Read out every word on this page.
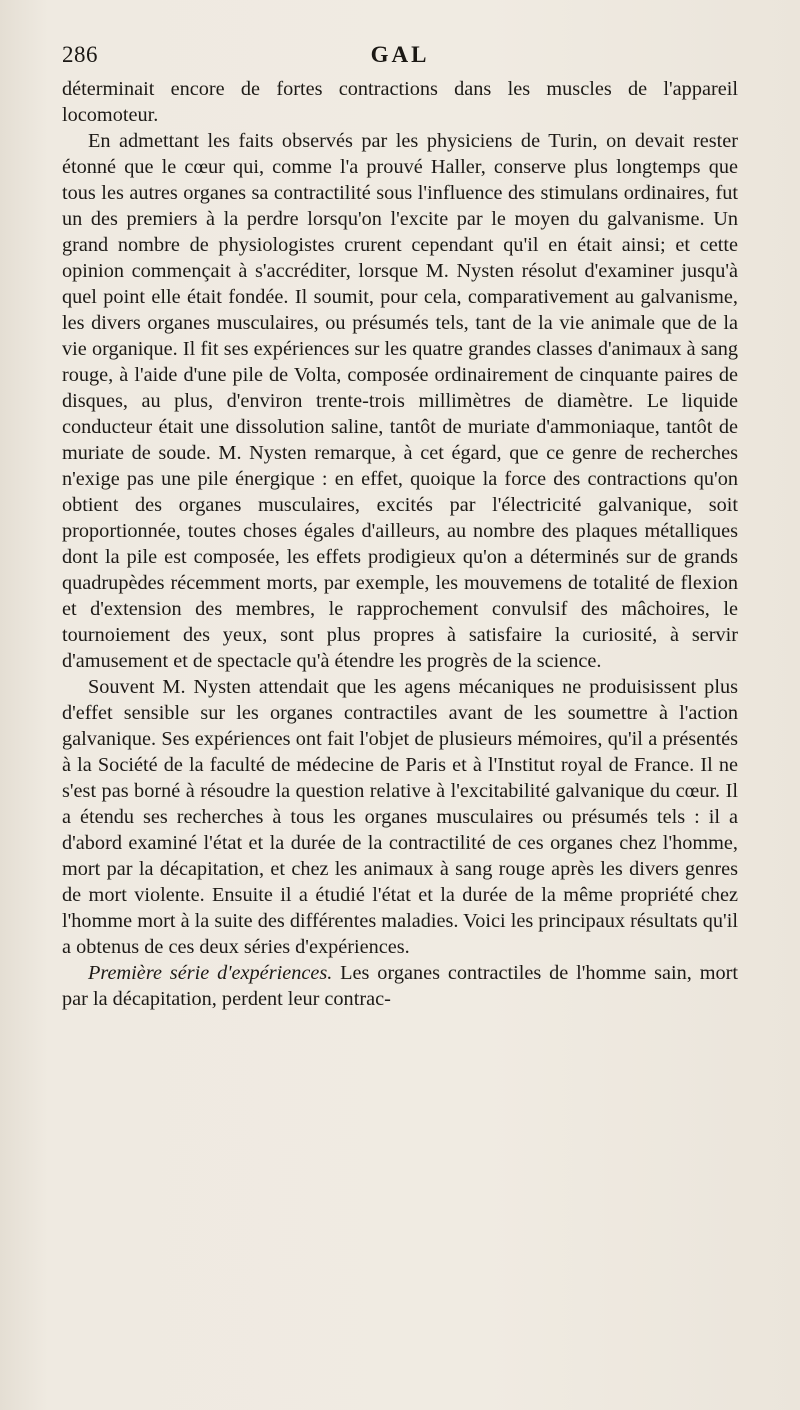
286	GAL

déterminait encore de fortes contractions dans les muscles de l'appareil locomoteur.

En admettant les faits observés par les physiciens de Turin, on devait rester étonné que le cœur qui, comme l'a prouvé Haller, conserve plus longtemps que tous les autres organes sa contractilité sous l'influence des stimulans ordinaires, fut un des premiers à la perdre lorsqu'on l'excite par le moyen du galvanisme. Un grand nombre de physiologistes crurent cependant qu'il en était ainsi; et cette opinion commençait à s'accréditer, lorsque M. Nysten résolut d'examiner jusqu'à quel point elle était fondée. Il soumit, pour cela, comparativement au galvanisme, les divers organes musculaires, ou présumés tels, tant de la vie animale que de la vie organique. Il fit ses expériences sur les quatre grandes classes d'animaux à sang rouge, à l'aide d'une pile de Volta, composée ordinairement de cinquante paires de disques, au plus, d'environ trente-trois millimètres de diamètre. Le liquide conducteur était une dissolution saline, tantôt de muriate d'ammoniaque, tantôt de muriate de soude. M. Nysten remarque, à cet égard, que ce genre de recherches n'exige pas une pile énergique : en effet, quoique la force des contractions qu'on obtient des organes musculaires, excités par l'électricité galvanique, soit proportionnée, toutes choses égales d'ailleurs, au nombre des plaques métalliques dont la pile est composée, les effets prodigieux qu'on a déterminés sur de grands quadrupèdes récemment morts, par exemple, les mouvemens de totalité de flexion et d'extension des membres, le rapprochement convulsif des mâchoires, le tournoiement des yeux, sont plus propres à satisfaire la curiosité, à servir d'amusement et de spectacle qu'à étendre les progrès de la science.

Souvent M. Nysten attendait que les agens mécaniques ne produisissent plus d'effet sensible sur les organes contractiles avant de les soumettre à l'action galvanique. Ses expériences ont fait l'objet de plusieurs mémoires, qu'il a présentés à la Société de la faculté de médecine de Paris et à l'Institut royal de France. Il ne s'est pas borné à résoudre la question relative à l'excitabilité galvanique du cœur. Il a étendu ses recherches à tous les organes musculaires ou présumés tels : il a d'abord examiné l'état et la durée de la contractilité de ces organes chez l'homme, mort par la décapitation, et chez les animaux à sang rouge après les divers genres de mort violente. Ensuite il a étudié l'état et la durée de la même propriété chez l'homme mort à la suite des différentes maladies. Voici les principaux résultats qu'il a obtenus de ces deux séries d'expériences.

Première série d'expériences. Les organes contractiles de l'homme sain, mort par la décapitation, perdent leur contrac-
